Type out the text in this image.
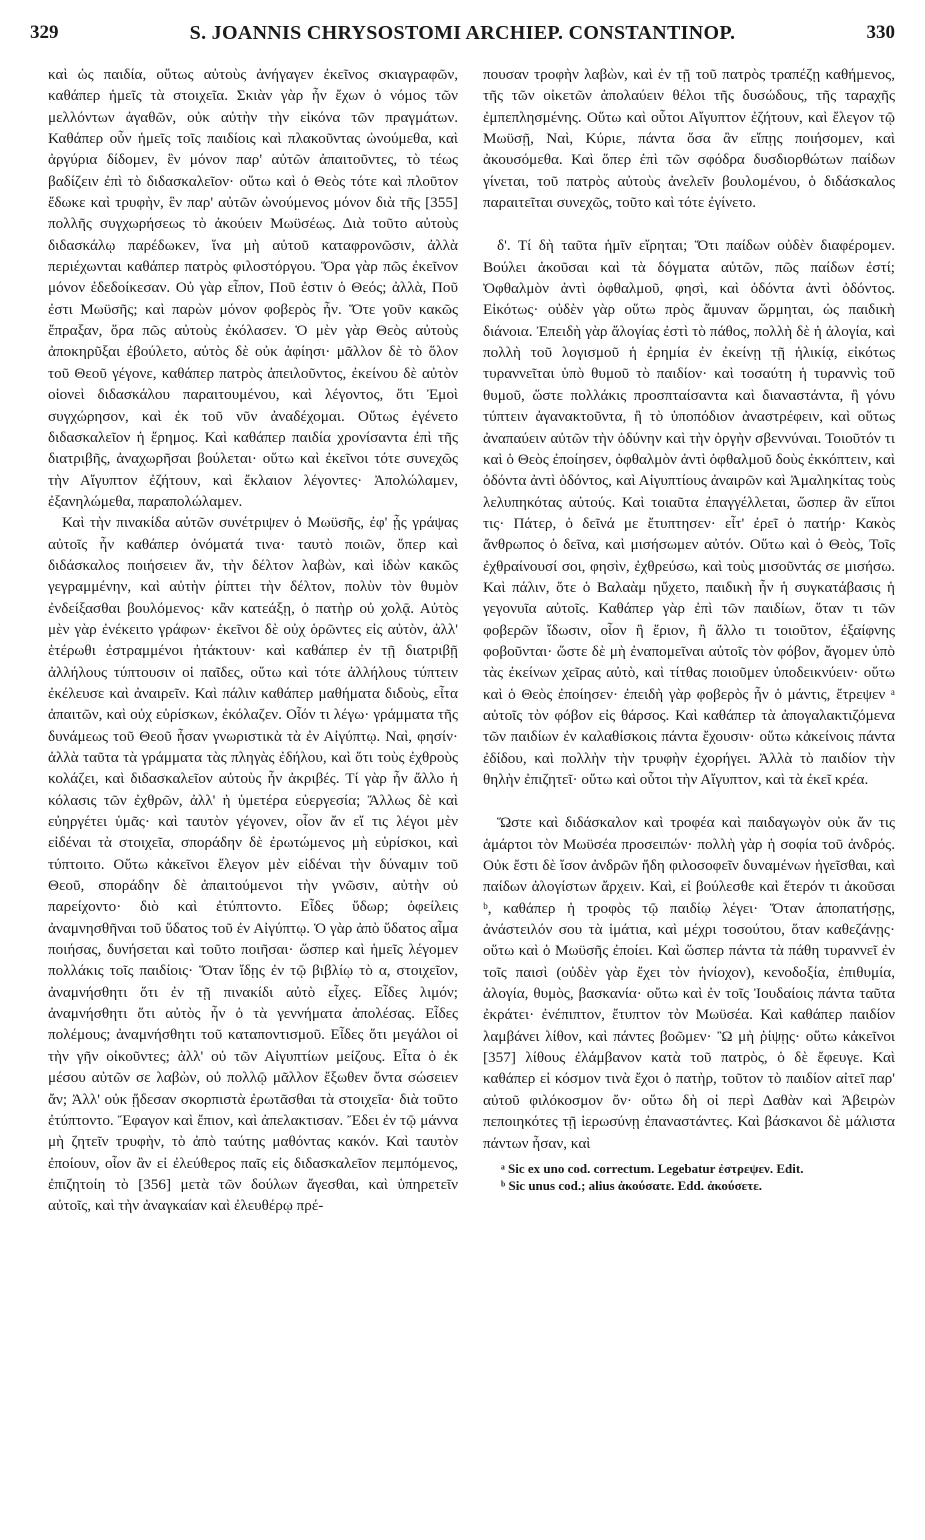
329	S. JOANNIS CHRYSOSTOMI ARCHIEP. CONSTANTINOP.	330

καὶ ὡς παιδία, οὕτως αὐτοὺς ἀνήγαγεν ἐκεῖνος σκιαγραφῶν, καθάπερ ἡμεῖς τὰ στοιχεῖα. Σκιὰν γὰρ ἦν ἔχων ὁ νόμος τῶν μελλόντων ἀγαθῶν, οὐκ αὐτὴν τὴν εἰκόνα τῶν πραγμάτων. Καθάπερ οὖν ἡμεῖς τοῖς παιδίοις καὶ πλακοῦντας ὠνούμεθα, καὶ ἀργύρια δίδομεν, ἓν μόνον παρ' αὐτῶν ἀπαιτοῦντες, τὸ τέως βαδίζειν ἐπὶ τὸ διδασκαλεῖον· οὕτω καὶ ὁ Θεὸς τότε καὶ πλοῦτον ἔδωκε καὶ τρυφὴν, ἓν παρ' αὐτῶν ὠνούμενος μόνον διὰ τῆς [355] πολλῆς συγχωρήσεως τὸ ἀκούειν Μωϋσέως. Διὰ τοῦτο αὐτοὺς διδασκάλῳ παρέδωκεν, ἵνα μὴ αὐτοῦ καταφρονῶσιν, ἀλλὰ περιέχωνται καθάπερ πατρὸς φιλοστόργου. Ὅρα γὰρ πῶς ἐκεῖνον μόνον ἐδεδοίκεσαν. Οὐ γὰρ εἶπον, Ποῦ ἐστιν ὁ Θεός; ἀλλὰ, Ποῦ ἐστι Μωϋσῆς; καὶ παρὼν μόνον φοβερὸς ἦν. Ὅτε γοῦν κακῶς ἔπραξαν, ὅρα πῶς αὐτοὺς ἐκόλασεν. Ὁ μὲν γὰρ Θεὸς αὐτοὺς ἀποκηρῦξαι ἐβούλετο, αὐτὸς δὲ οὐκ ἀφίησι· μᾶλλον δὲ τὸ ὅλον τοῦ Θεοῦ γέγονε, καθάπερ πατρὸς ἀπειλοῦντος, ἐκείνου δὲ αὐτὸν οἱονεὶ διδασκάλου παραιτουμένου, καὶ λέγοντος, ὅτι Ἐμοὶ συγχώρησον, καὶ ἐκ τοῦ νῦν ἀναδέχομαι. Οὕτως ἐγένετο διδασκαλεῖον ἡ ἔρημος. Καὶ καθάπερ παιδία χρονίσαντα ἐπὶ τῆς διατριβῆς, ἀναχωρῆσαι βούλεται· οὕτω καὶ ἐκεῖνοι τότε συνεχῶς τὴν Αἴγυπτον ἐζήτουν, καὶ ἔκλαιον λέγοντες· Ἀπολώλαμεν, ἐξανηλώμεθα, παραπολώλαμεν.

Καὶ τὴν πινακίδα αὐτῶν συνέτριψεν ὁ Μωϋσῆς, ἐφ' ᾗς γράψας αὐτοῖς ἦν καθάπερ ὀνόματά τινα· ταυτὸ ποιῶν, ὅπερ καὶ διδάσκαλος ποιήσειεν ἄν, τὴν δέλτον λαβὼν, καὶ ἰδὼν κακῶς γεγραμμένην, καὶ αὐτὴν ῥίπτει τὴν δέλτον, πολὺν τὸν θυμὸν ἐνδείξασθαι βουλόμενος· κἂν κατεάξῃ, ὁ πατὴρ οὐ χολᾷ. Αὐτὸς μὲν γὰρ ἐνέκειτο γράφων· ἐκεῖνοι δὲ οὐχ ὁρῶντες εἰς αὐτὸν, ἀλλ' ἑτέρωθι ἐστραμμένοι ἠτάκτουν· καὶ καθάπερ ἐν τῇ διατριβῇ ἀλλήλους τύπτουσιν οἱ παῖδες, οὕτω καὶ τότε ἀλλήλους τύπτειν ἐκέλευσε καὶ ἀναιρεῖν. Καὶ πάλιν καθάπερ μαθήματα διδοὺς, εἶτα ἀπαιτῶν, καὶ οὐχ εὑρίσκων, ἐκόλαζεν. Οἷόν τι λέγω· γράμματα τῆς δυνάμεως τοῦ Θεοῦ ἦσαν γνωριστικὰ τὰ ἐν Αἰγύπτῳ. Ναὶ, φησίν· ἀλλὰ ταῦτα τὰ γράμματα τὰς πληγὰς ἐδήλου, καὶ ὅτι τοὺς ἐχθροὺς κολάζει, καὶ διδασκαλεῖον αὐτοὺς ἦν ἀκριβές. Τί γὰρ ἦν ἄλλο ἡ κόλασις τῶν ἐχθρῶν, ἀλλ' ἡ ὑμετέρα εὐεργεσία; Ἄλλως δὲ καὶ εὐηργέτει ὑμᾶς· καὶ ταυτὸν γέγονεν, οἷον ἄν εἴ τις λέγοι μὲν εἰδέναι τὰ στοιχεῖα, σποράδην δὲ ἐρωτώμενος μὴ εὑρίσκοι, καὶ τύπτοιτο. Οὕτω κἀκεῖνοι ἔλεγον μὲν εἰδέναι τὴν δύναμιν τοῦ Θεοῦ, σποράδην δὲ ἀπαιτούμενοι τὴν γνῶσιν, αὐτὴν οὐ παρείχοντο· διὸ καὶ ἐτύπτοντο. Εἶδες ὕδωρ; ὀφείλεις ἀναμνησθῆναι τοῦ ὕδατος τοῦ ἐν Αἰγύπτῳ. Ὁ γὰρ ἀπὸ ὕδατος αἷμα ποιήσας, δυνήσεται καὶ τοῦτο ποιῆσαι· ὥσπερ καὶ ἡμεῖς λέγομεν πολλάκις τοῖς παιδίοις· Ὅταν ἴδῃς ἐν τῷ βιβλίῳ τὸ α, στοιχεῖον, ἀναμνήσθητι ὅτι ἐν τῇ πινακίδι αὐτὸ εἶχες. Εἶδες λιμόν; ἀναμνήσθητι ὅτι αὐτὸς ἦν ὁ τὰ γεννήματα ἀπολέσας. Εἶδες πολέμους; ἀναμνήσθητι τοῦ καταποντισμοῦ. Εἶδες ὅτι μεγάλοι οἱ τὴν γῆν οἰκοῦντες; ἀλλ' οὐ τῶν Αἰγυπτίων μείζους. Εἶτα ὁ ἐκ μέσου αὐτῶν σε λαβὼν, οὐ πολλῷ μᾶλλον ἔξωθεν ὄντα σώσειεν ἄν; Ἀλλ' οὐκ ᾔδεσαν σκορπιστὰ ἐρωτᾶσθαι τὰ στοιχεῖα· διὰ τοῦτο ἐτύπτοντο. Ἔφαγον καὶ ἔπιον, καὶ ἀπελακτισαν. Ἔδει ἐν τῷ μάννα μὴ ζητεῖν τρυφὴν, τὸ ἀπὸ ταύτης μαθόντας κακόν. Καὶ ταυτὸν ἐποίουν, οἷον ἂν εἰ ἐλεύθερος παῖς εἰς διδασκαλεῖον πεμπόμενος, ἐπιζητοίη τὸ [356] μετὰ τῶν δούλων ἄγεσθαι, καὶ ὑπηρετεῖν αὐτοῖς, καὶ τὴν ἀναγκαίαν καὶ ἐλευθέρῳ πρέ-

πουσαν τροφὴν λαβὼν, καὶ ἐν τῇ τοῦ πατρὸς τραπέζῃ καθήμενος, τῆς τῶν οἰκετῶν ἀπολαύειν θέλοι τῆς δυσώδους, τῆς ταραχῆς ἐμπεπλησμένης. Οὕτω καὶ οὗτοι Αἴγυπτον ἐζήτουν, καὶ ἔλεγον τῷ Μωϋσῇ, Ναὶ, Κύριε, πάντα ὅσα ἂν εἴπῃς ποιήσομεν, καὶ ἀκουσόμεθα. Καὶ ὅπερ ἐπὶ τῶν σφόδρα δυσδιορθώτων παίδων γίνεται, τοῦ πατρὸς αὐτοὺς ἀνελεῖν βουλομένου, ὁ διδάσκαλος παραιτεῖται συνεχῶς, τοῦτο καὶ τότε ἐγίνετο.

δ'. Τί δὴ ταῦτα ἡμῖν εἴρηται; Ὅτι παίδων οὐδὲν διαφέρομεν. Βούλει ἀκοῦσαι καὶ τὰ δόγματα αὐτῶν, πῶς παίδων ἐστί; Ὀφθαλμὸν ἀντὶ ὀφθαλμοῦ, φησὶ, καὶ ὀδόντα ἀντὶ ὀδόντος. Εἰκότως· οὐδὲν γὰρ οὕτω πρὸς ἄμυναν ὥρμηται, ὡς παιδικὴ διάνοια. Ἐπειδὴ γὰρ ἄλογίας ἐστὶ τὸ πάθος, πολλὴ δὲ ἡ ἀλογία, καὶ πολλὴ τοῦ λογισμοῦ ἡ ἐρημία ἐν ἐκείνῃ τῇ ἡλικίᾳ, εἰκότως τυραννεῖται ὑπὸ θυμοῦ τὸ παιδίον· καὶ τοσαύτη ἡ τυραννὶς τοῦ θυμοῦ, ὥστε πολλάκις προσπταίσαντα καὶ διαναστάντα, ἢ γόνυ τύπτειν ἀγανακτοῦντα, ἢ τὸ ὑποπόδιον ἀναστρέφειν, καὶ οὕτως ἀναπαύειν αὐτῶν τὴν ὀδύνην καὶ τὴν ὀργὴν σβεννύναι. Τοιοῦτόν τι καὶ ὁ Θεὸς ἐποίησεν, ὀφθαλμὸν ἀντὶ ὀφθαλμοῦ δοὺς ἐκκόπτειν, καὶ ὀδόντα ἀντὶ ὀδόντος, καὶ Αἰγυπτίους ἀναιρῶν καὶ Ἀμαληκίτας τοὺς λελυπηκότας αὐτούς. Καὶ τοιαῦτα ἐπαγγέλλεται, ὥσπερ ἂν εἴποι τις· Πάτερ, ὁ δεῖνά με ἔτυπτησεν· εἶτ' ἐρεῖ ὁ πατήρ· Κακὸς ἄνθρωπος ὁ δεῖνα, καὶ μισήσωμεν αὐτόν. Οὕτω καὶ ὁ Θεὸς, Τοῖς ἐχθραίνουσί σοι, φησὶν, ἐχθρεύσω, καὶ τοὺς μισοῦντάς σε μισήσω. Καὶ πάλιν, ὅτε ὁ Βαλαὰμ ηὔχετο, παιδικὴ ἦν ἡ συγκατάβασις ἡ γεγονυῖα αὐτοῖς. Καθάπερ γὰρ ἐπὶ τῶν παιδίων, ὅταν τι τῶν φοβερῶν ἴδωσιν, οἷον ἢ ἔριον, ἢ ἄλλο τι τοιοῦτον, ἐξαίφνης φοβοῦνται· ὥστε δὲ μὴ ἐναπομεῖναι αὐτοῖς τὸν φόβον, ἄγομεν ὑπὸ τὰς ἐκείνων χεῖρας αὐτὸ, καὶ τίτθας ποιοῦμεν ὑποδεικνύειν· οὕτω καὶ ὁ Θεὸς ἐποίησεν· ἐπειδὴ γὰρ φοβερὸς ἦν ὁ μάντις, ἔτρεψεν ᵃ αὐτοῖς τὸν φόβον εἰς θάρσος. Καὶ καθάπερ τὰ ἀπογαλακτιζόμενα τῶν παιδίων ἐν καλαθίσκοις πάντα ἔχουσιν· οὕτω κἀκείνοις πάντα ἐδίδου, καὶ πολλὴν τὴν τρυφὴν ἐχορήγει. Ἀλλὰ τὸ παιδίον τὴν θηλὴν ἐπιζητεῖ· οὕτω καὶ οὗτοι τὴν Αἴγυπτον, καὶ τὰ ἐκεῖ κρέα.

Ὥστε καὶ διδάσκαλον καὶ τροφέα καὶ παιδαγωγὸν οὐκ ἄν τις ἁμάρτοι τὸν Μωϋσέα προσειπών· πολλὴ γὰρ ἡ σοφία τοῦ ἀνδρός. Οὐκ ἔστι δὲ ἴσον ἀνδρῶν ἤδη φιλοσοφεῖν δυναμένων ἡγεῖσθαι, καὶ παίδων ἀλογίστων ἄρχειν. Καὶ, εἰ βούλεσθε καὶ ἕτερόν τι ἀκοῦσαι ᵇ, καθάπερ ἡ τροφὸς τῷ παιδίῳ λέγει· Ὅταν ἀποπατήσῃς, ἀνάστειλόν σου τὰ ἱμάτια, καὶ μέχρι τοσούτου, ὅταν καθεζάνῃς· οὕτω καὶ ὁ Μωϋσῆς ἐποίει. Καὶ ὥσπερ πάντα τὰ πάθη τυραννεῖ ἐν τοῖς παισὶ (οὐδὲν γὰρ ἔχει τὸν ἡνίοχον), κενοδοξία, ἐπιθυμία, ἀλογία, θυμὸς, βασκανία· οὕτω καὶ ἐν τοῖς Ἰουδαίοις πάντα ταῦτα ἐκράτει· ἐνέπιπτον, ἔτυπτον τὸν Μωϋσέα. Καὶ καθάπερ παιδίον λαμβάνει λίθον, καὶ πάντες βοῶμεν· Ὢ μὴ ῥίψῃς· οὕτω κἀκεῖνοι [357] λίθους ἐλάμβανον κατὰ τοῦ πατρὸς, ὁ δὲ ἔφευγε. Καὶ καθάπερ εἰ κόσμον τινὰ ἔχοι ὁ πατὴρ, τοῦτον τὸ παιδίον αἰτεῖ παρ' αὐτοῦ φιλόκοσμον ὄν· οὕτω δὴ οἱ περὶ Δαθὰν καὶ Ἀβειρὼν πεποιηκότες τῇ ἱερωσύνῃ ἐπαναστάντες. Καὶ βάσκανοι δὲ μάλιστα πάντων ἦσαν, καὶ

ᵃ Sic ex uno cod. correctum. Legebatur ἐστρεψεν. Edit.

ᵇ Sic unus cod.; alius ἀκούσατε. Edd. ἀκούσετε.
